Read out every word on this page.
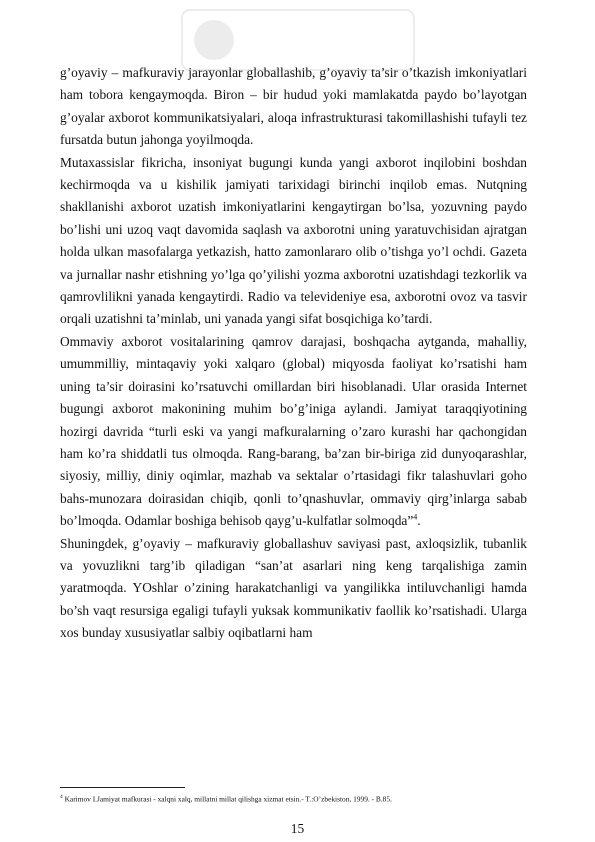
g’oyaviy – mafkuraviy jarayonlar globallashib, g’oyaviy ta’sir o’tkazish imkoniyatlari ham tobora kengaymoqda. Biron – bir hudud yoki mamlakatda paydo bo’layotgan g’oyalar axborot kommunikatsiyalari, aloqa infrastrukturasi takomillashishi tufayli tez fursatda butun jahonga yoyilmoqda.

Mutaxassislar fikricha, insoniyat bugungi kunda yangi axborot inqilobini boshdan kechirmoqda va u kishilik jamiyati tarixidagi birinchi inqilob emas. Nutqning shakllanishi axborot uzatish imkoniyatlarini kengaytirgan bo’lsa, yozuvning paydo bo’lishi uni uzoq vaqt davomida saqlash va axborotni uning yaratuvchisidan ajratgan holda ulkan masofalarga yetkazish, hatto zamonlararo olib o’tishga yo’l ochdi. Gazeta va jurnallar nashr etishning yo’lga qo’yilishi yozma axborotni uzatishdagi tezkorlik va qamrovlilikni yanada kengaytirdi. Radio va televideniye esa, axborotni ovoz va tasvir orqali uzatishni ta’minlab, uni yanada yangi sifat bosqichiga ko’tardi.

Ommaviy axborot vositalarining qamrov darajasi, boshqacha aytganda, mahalliy, umummilliy, mintaqaviy yoki xalqaro (global) miqyosda faoliyat ko’rsatishi ham uning ta’sir doirasini ko’rsatuvchi omillardan biri hisoblanadi. Ular orasida Internet bugungi axborot makonining muhim bo’g’iniga aylandi. Jamiyat taraqqiyotining hozirgi davrida “turli eski va yangi mafkuralarning o’zaro kurashi har qachongidan ham ko’ra shiddatli tus olmoqda. Rang-barang, ba’zan bir-biriga zid dunyoqarashlar, siyosiy, milliy, diniy oqimlar, mazhab va sektalar o’rtasidagi fikr talashuvlari goho bahs-munozara doirasidan chiqib, qonli to’qnashuvlar, ommaviy qirg’inlarga sabab bo’lmoqda. Odamlar boshiga behisob qayg’u-kulfatlar solmoqda”$^4$.

Shuningdek, g’oyaviy – mafkuraviy globallashuv saviyasi past, axloqsizlik, tubanlik va yovuzlikni targ’ib qiladigan “san’at asarlari ning keng tarqalishiga zamin yaratmoqda. YOshlar o’zining harakatchanligi va yangilikka intiluvchanligi hamda bo’sh vaqt resursiga egaligi tufayli yuksak kommunikativ faollik ko’rsatishadi. Ularga xos bunday xususiyatlar salbiy oqibatlarni ham

$^4$ Karimov I.Jamiyat mafkurasi - xalqni xalq, millatni millat qilishga xizmat etsin.- T.:O’zbekiston, 1999. - B.85.
15
